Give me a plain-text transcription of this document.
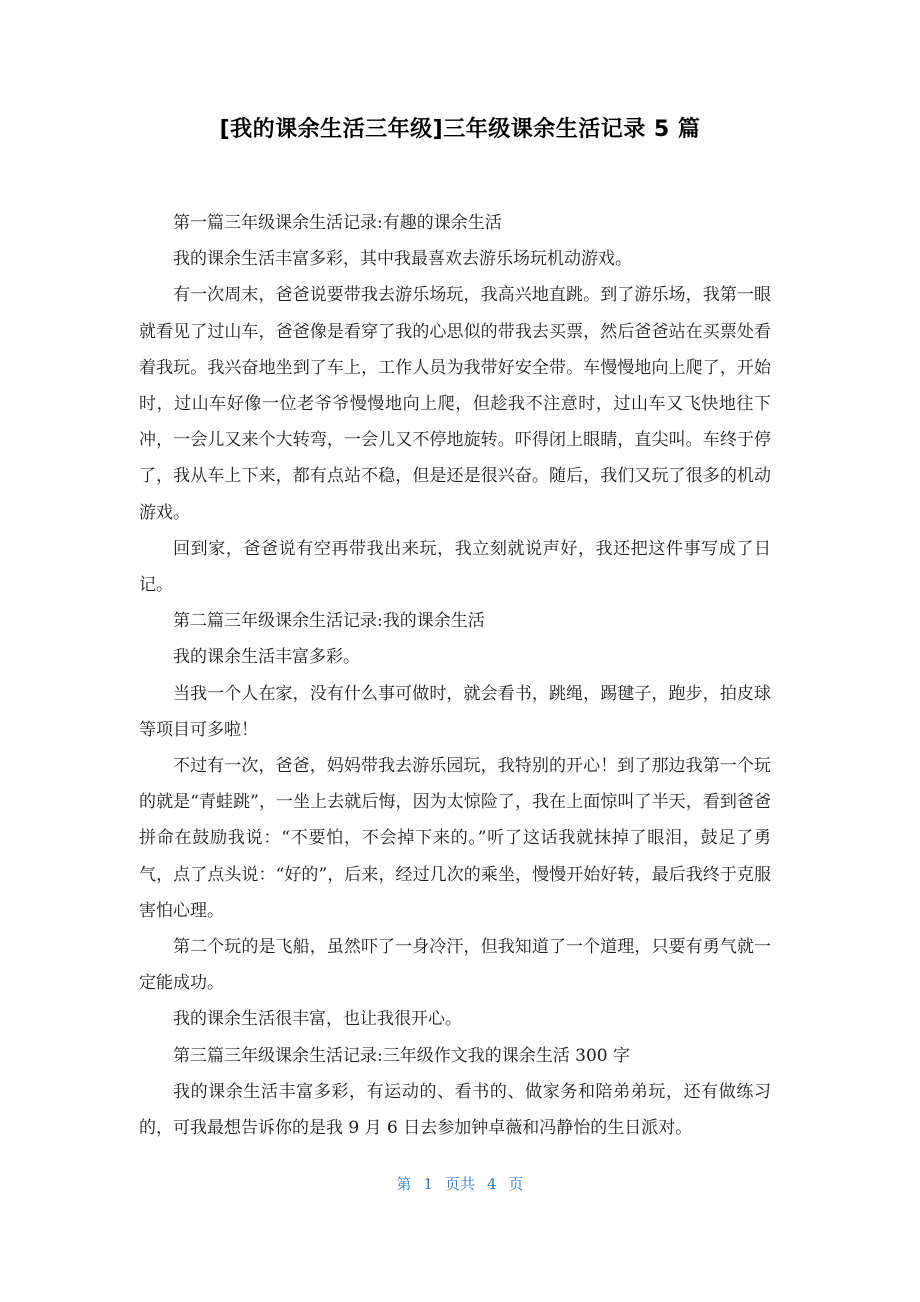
[我的课余生活三年级]三年级课余生活记录 5 篇

第一篇三年级课余生活记录:有趣的课余生活

我的课余生活丰富多彩，其中我最喜欢去游乐场玩机动游戏。

有一次周末，爸爸说要带我去游乐场玩，我高兴地直跳。到了游乐场，我第一眼就看见了过山车，爸爸像是看穿了我的心思似的带我去买票，然后爸爸站在买票处看着我玩。我兴奋地坐到了车上，工作人员为我带好安全带。车慢慢地向上爬了，开始时，过山车好像一位老爷爷慢慢地向上爬，但趁我不注意时，过山车又飞快地往下冲，一会儿又来个大转弯，一会儿又不停地旋转。吓得闭上眼睛，直尖叫。车终于停了，我从车上下来，都有点站不稳，但是还是很兴奋。随后，我们又玩了很多的机动游戏。

回到家，爸爸说有空再带我出来玩，我立刻就说声好，我还把这件事写成了日记。

第二篇三年级课余生活记录:我的课余生活

我的课余生活丰富多彩。

当我一个人在家，没有什么事可做时，就会看书，跳绳，踢毽子，跑步，拍皮球等项目可多啦！

不过有一次，爸爸，妈妈带我去游乐园玩，我特别的开心！到了那边我第一个玩的就是“青蛙跳”，一坐上去就后悔，因为太惊险了，我在上面惊叫了半天，看到爸爸拼命在鼓励我说：“不要怕，不会掉下来的。”听了这话我就抹掉了眼泪，鼓足了勇气，点了点头说：“好的”，后来，经过几次的乘坐，慢慢开始好转，最后我终于克服害怕心理。

第二个玩的是飞船，虽然吓了一身冷汗，但我知道了一个道理，只要有勇气就一定能成功。

我的课余生活很丰富，也让我很开心。

第三篇三年级课余生活记录:三年级作文我的课余生活 300 字

我的课余生活丰富多彩，有运动的、看书的、做家务和陪弟弟玩，还有做练习的，可我最想告诉你的是我 9 月 6 日去参加钟卓薇和冯静怡的生日派对。

第 1 页共 4 页
